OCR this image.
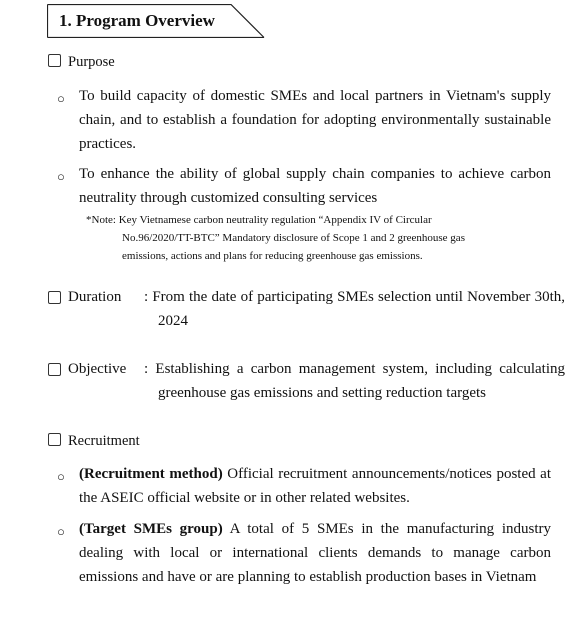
1. Program Overview
Purpose
○ To build capacity of domestic SMEs and local partners in Vietnam's supply chain, and to establish a foundation for adopting environmentally sustainable practices.
○ To enhance the ability of global supply chain companies to achieve carbon neutrality through customized consulting services
*Note: Key Vietnamese carbon neutrality regulation “Appendix IV of Circular
No.96/2020/TT-BTC” Mandatory disclosure of Scope 1 and 2 greenhouse gas
emissions, actions and plans for reducing greenhouse gas emissions.
Duration : From the date of participating SMEs selection until November 30th, 2024
Objective : Establishing a carbon management system, including calculating greenhouse gas emissions and setting reduction targets
Recruitment
○ (Recruitment method) Official recruitment announcements/notices posted at the ASEIC official website or in other related websites.
○ (Target SMEs group) A total of 5 SMEs in the manufacturing industry dealing with local or international clients demands to manage carbon emissions and have or are planning to establish production bases in Vietnam
